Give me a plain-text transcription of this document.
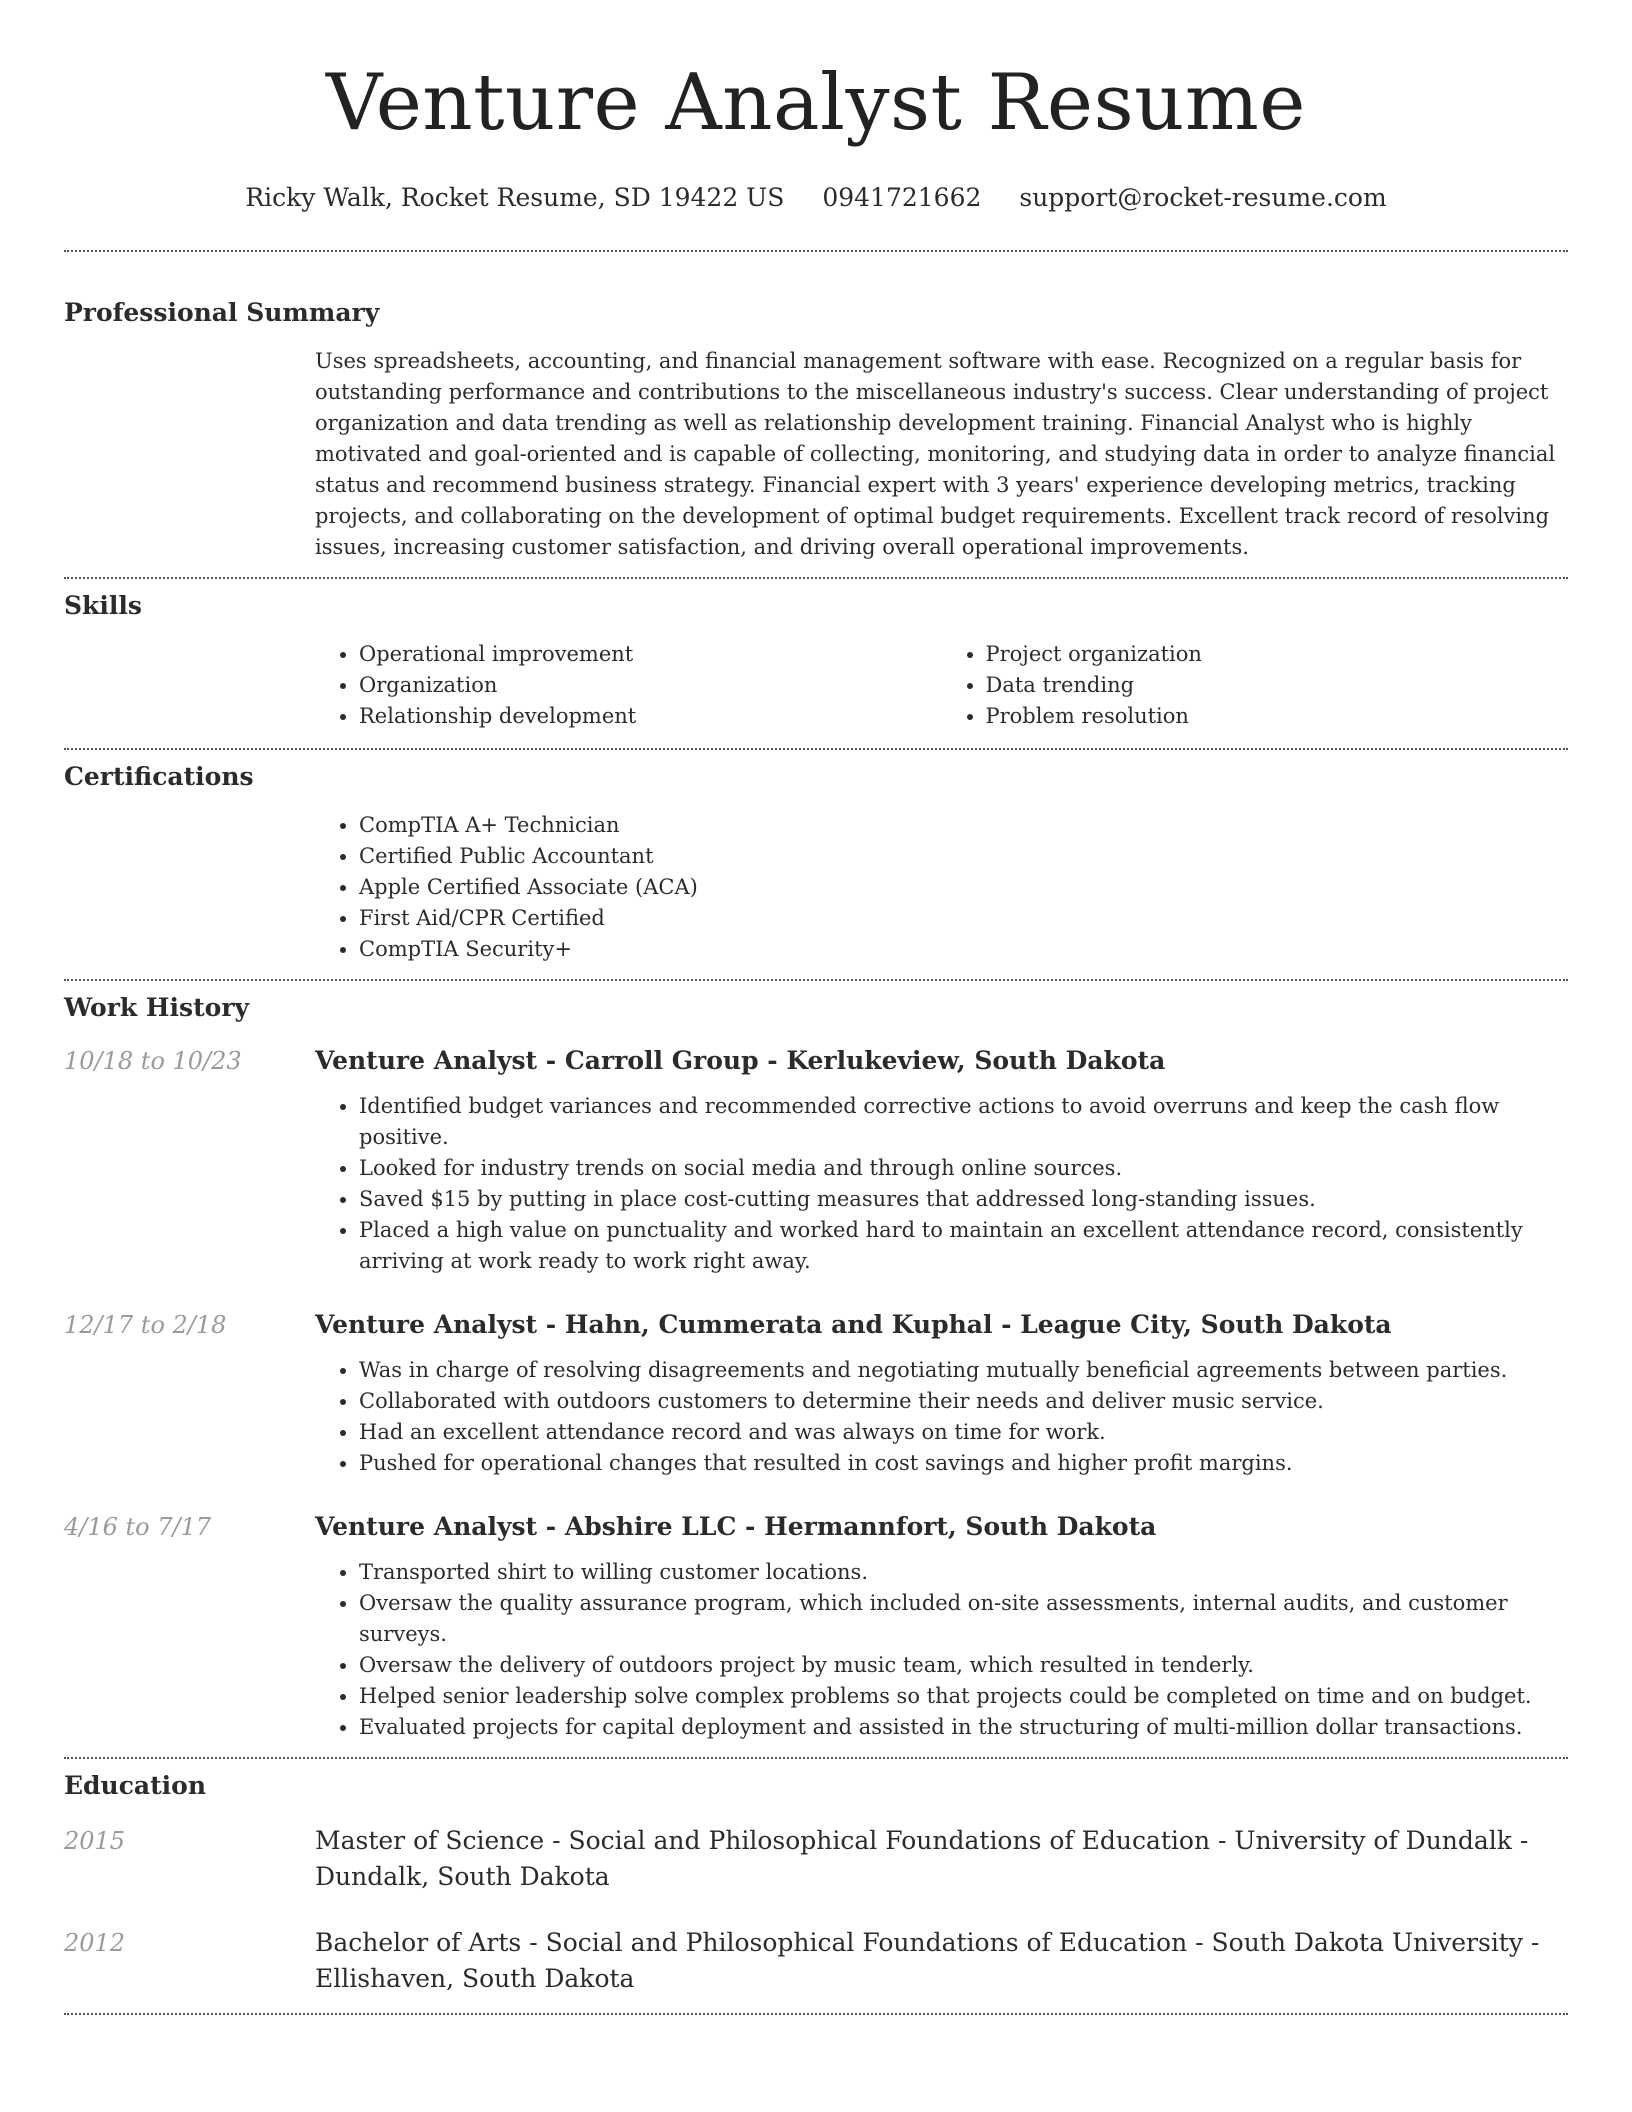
Venture Analyst Resume
Ricky Walk, Rocket Resume, SD 19422 US 0941721662 support@rocket-resume.com
Professional Summary

Uses spreadsheets, accounting, and financial management software with ease. Recognized on a regular basis for outstanding performance and contributions to the miscellaneous industry's success. Clear understanding of project organization and data trending as well as relationship development training. Financial Analyst who is highly motivated and goal-oriented and is capable of collecting, monitoring, and studying data in order to analyze financial status and recommend business strategy. Financial expert with 3 years' experience developing metrics, tracking projects, and collaborating on the development of optimal budget requirements. Excellent track record of resolving issues, increasing customer satisfaction, and driving overall operational improvements.

Skills
• Operational improvement
• Organization
• Relationship development
• Project organization
• Data trending
• Problem resolution
Certifications
• CompTIA A+ Technician
• Certified Public Accountant
• Apple Certified Associate (ACA)
• First Aid/CPR Certified
• CompTIA Security+
Work History
10/18 to 10/23	Venture Analyst - Carroll Group - Kerlukeview, South Dakota
• Identified budget variances and recommended corrective actions to avoid overruns and keep the cash flow positive.
• Looked for industry trends on social media and through online sources.
• Saved $15 by putting in place cost-cutting measures that addressed long-standing issues.
• Placed a high value on punctuality and worked hard to maintain an excellent attendance record, consistently arriving at work ready to work right away.
12/17 to 2/18	Venture Analyst - Hahn, Cummerata and Kuphal - League City, South Dakota
• Was in charge of resolving disagreements and negotiating mutually beneficial agreements between parties.
• Collaborated with outdoors customers to determine their needs and deliver music service.
• Had an excellent attendance record and was always on time for work.
• Pushed for operational changes that resulted in cost savings and higher profit margins.
4/16 to 7/17	Venture Analyst - Abshire LLC - Hermannfort, South Dakota
• Transported shirt to willing customer locations.
• Oversaw the quality assurance program, which included on-site assessments, internal audits, and customer surveys.
• Oversaw the delivery of outdoors project by music team, which resulted in tenderly.
• Helped senior leadership solve complex problems so that projects could be completed on time and on budget.
• Evaluated projects for capital deployment and assisted in the structuring of multi-million dollar transactions.
Education
2015	Master of Science - Social and Philosophical Foundations of Education - University of Dundalk - Dundalk, South Dakota

2012	Bachelor of Arts - Social and Philosophical Foundations of Education - South Dakota University - Ellishaven, South Dakota
